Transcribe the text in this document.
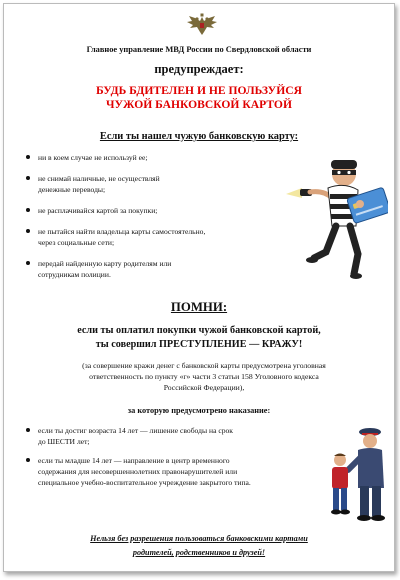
Главное управление МВД России по Свердловской области
предупреждает:
БУДЬ БДИТЕЛЕН И НЕ ПОЛЬЗУЙСЯ
ЧУЖОЙ БАНКОВСКОЙ КАРТОЙ
Если ты нашел чужую банковскую карту:
ни в коем случае не используй ее;
не снимай наличные, не осуществляй
денежные переводы;
не расплачивайся картой за покупки;
не пытайся найти владельца карты самостоятельно,
через социальные сети;
передай найденную карту родителям или
сотрудникам полиции.
ПОМНИ:
если ты оплатил покупки чужой банковской картой,
ты совершил ПРЕСТУПЛЕНИЕ — КРАЖУ!
(за совершение кражи денег с банковской карты предусмотрена уголовная
ответственность по пункту «г» части 3 статьи 158 Уголовного кодекса
Российской Федерации),
за которую предусмотрено наказание:
если ты достиг возраста 14 лет — лишение свободы на срок
до ШЕСТИ лет;
если ты младше 14 лет — направление в центр временного
содержания для несовершеннолетних правонарушителей или
специальное учебно-воспитательное учреждение закрытого типа.
Нельзя без разрешения пользоваться банковскими картами
родителей, родственников и друзей!
